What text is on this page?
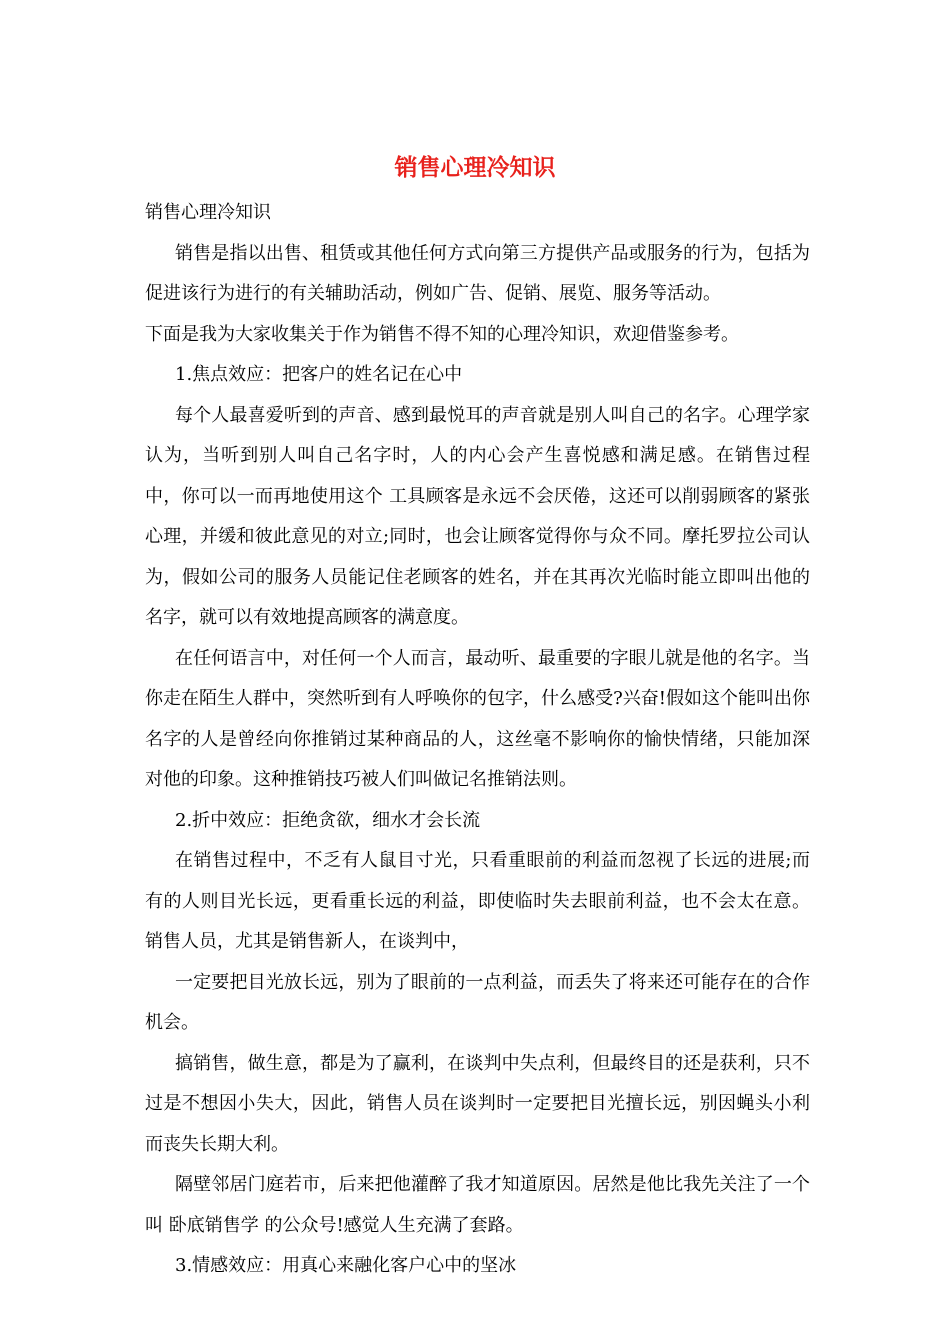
销售心理冷知识

销售心理冷知识

销售是指以出售、租赁或其他任何方式向第三方提供产品或服务的行为，包括为促进该行为进行的有关辅助活动，例如广告、促销、展览、服务等活动。

下面是我为大家收集关于作为销售不得不知的心理冷知识，欢迎借鉴参考。

1.焦点效应：把客户的姓名记在心中

每个人最喜爱听到的声音、感到最悦耳的声音就是别人叫自己的名字。心理学家认为，当听到别人叫自己名字时，人的内心会产生喜悦感和满足感。在销售过程中，你可以一而再地使用这个 工具顾客是永远不会厌倦，这还可以削弱顾客的紧张心理，并缓和彼此意见的对立;同时，也会让顾客觉得你与众不同。摩托罗拉公司认为，假如公司的服务人员能记住老顾客的姓名，并在其再次光临时能立即叫出他的名字，就可以有效地提高顾客的满意度。

在任何语言中，对任何一个人而言，最动听、最重要的字眼儿就是他的名字。当你走在陌生人群中，突然听到有人呼唤你的包字，什么感受?兴奋!假如这个能叫出你名字的人是曾经向你推销过某种商品的人，这丝毫不影响你的愉快情绪，只能加深对他的印象。这种推销技巧被人们叫做记名推销法则。

2.折中效应：拒绝贪欲，细水才会长流

在销售过程中，不乏有人鼠目寸光，只看重眼前的利益而忽视了长远的进展;而有的人则目光长远，更看重长远的利益，即使临时失去眼前利益，也不会太在意。销售人员，尤其是销售新人，在谈判中，

一定要把目光放长远，别为了眼前的一点利益，而丢失了将来还可能存在的合作机会。

搞销售，做生意，都是为了赢利，在谈判中失点利，但最终目的还是获利，只不过是不想因小失大，因此，销售人员在谈判时一定要把目光擅长远，别因蝇头小利而丧失长期大利。

隔壁邻居门庭若市，后来把他灌醉了我才知道原因。居然是他比我先关注了一个叫 卧底销售学 的公众号!感觉人生充满了套路。

3.情感效应：用真心来融化客户心中的坚冰
